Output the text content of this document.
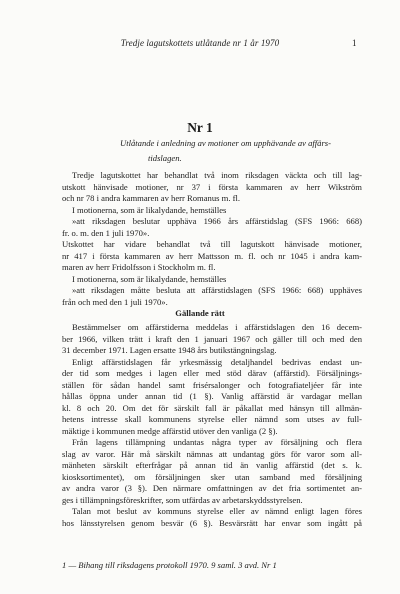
Tredje lagutskottets utlåtande nr 1 år 1970	1
Nr 1
Utlåtande i anledning av motioner om upphävande av affärs-
tidslagen.
Tredje lagutskottet har behandlat två inom riksdagen väckta och till lag-
utskott hänvisade motioner, nr 37 i första kammaren av herr Wikström
och nr 78 i andra kammaren av herr Romanus m. fl.
I motionerna, som är likalydande, hemställes
»att riksdagen beslutar upphäva 1966 års affärstidslag (SFS 1966: 668)
fr. o. m. den 1 juli 1970».
Utskottet har vidare behandlat två till lagutskott hänvisade motioner,
nr 417 i första kammaren av herr Mattsson m. fl. och nr 1045 i andra kam-
maren av herr Fridolfsson i Stockholm m. fl.
I motionerna, som är likalydande, hemställes
»att riksdagen måtte besluta att affärstidslagen (SFS 1966: 668) upphäves
från och med den 1 juli 1970».
Gällande rätt
Bestämmelser om affärstiderna meddelas i affärstidslagen den 16 decem-
ber 1966, vilken trätt i kraft den 1 januari 1967 och gäller till och med den
31 december 1971. Lagen ersatte 1948 års butikstängningslag.
Enligt affärstidslagen får yrkesmässig detaljhandel bedrivas endast un-
der tid som medges i lagen eller med stöd därav (affärstid). Försäljnings-
ställen för sådan handel samt frisérsalonger och fotografiateljéer får inte
hållas öppna under annan tid (1 §). Vanlig affärstid är vardagar mellan
kl. 8 och 20. Om det för särskilt fall är påkallat med hänsyn till allmän-
hetens intresse skall kommunens styrelse eller nämnd som utses av full-
mäktige i kommunen medge affärstid utöver den vanliga (2 §).
Från lagens tillämpning undantas några typer av försäljning och flera
slag av varor. Här må särskilt nämnas att undantag görs för varor som all-
mänheten särskilt efterfrågar på annan tid än vanlig affärstid (det s. k.
kiosksortimentet), om försäljningen sker utan samband med försäljning
av andra varor (3 §). Den närmare omfattningen av det fria sortimentet an-
ges i tillämpningsföreskrifter, som utfärdas av arbetarskyddsstyrelsen.
Talan mot beslut av kommuns styrelse eller av nämnd enligt lagen föres
hos länsstyrelsen genom besvär (6 §). Besvärsrätt har envar som ingått på
1 — Bihang till riksdagens protokoll 1970. 9 saml. 3 avd. Nr 1
